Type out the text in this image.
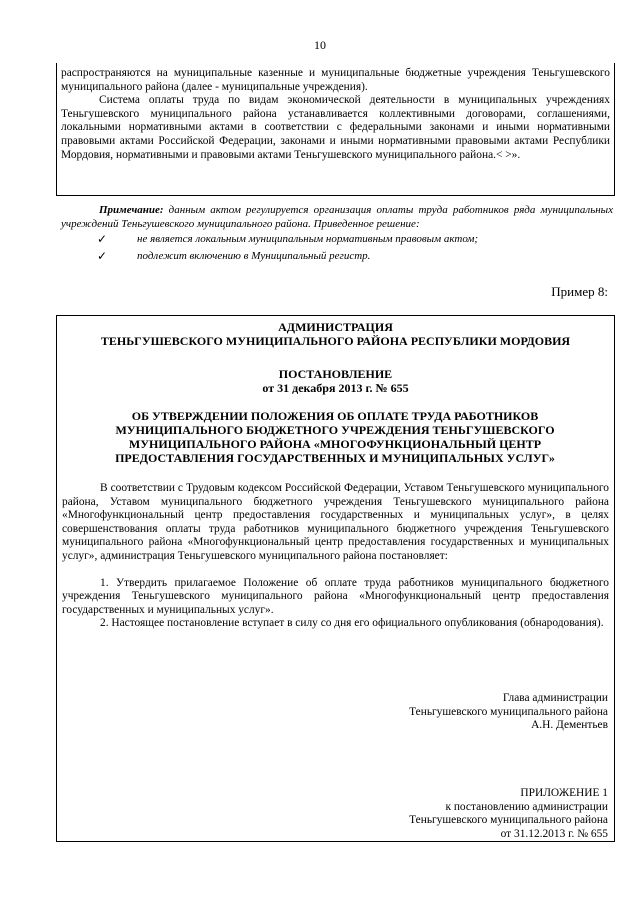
10

распространяются на муниципальные казенные и муниципальные бюджетные учреждения Теньгушевского муниципального района (далее - муниципальные учреждения).

Система оплаты труда по видам экономической деятельности в муниципальных учреждениях Теньгушевского муниципального района устанавливается коллективными договорами, соглашениями, локальными нормативными актами в соответствии с федеральными законами и иными нормативными правовыми актами Российской Федерации, законами и иными нормативными правовыми актами Республики Мордовия, нормативными и правовыми актами Теньгушевского муниципального района.< >».

Примечание: данным актом регулируется организация оплаты труда работников ряда муниципальных учреждений Теньгушевского муниципального района. Приведенное решение:

✓	не является локальным муниципальным нормативным правовым актом;
✓	подлежит включению в Муниципальный регистр.
Пример 8:
АДМИНИСТРАЦИЯ
ТЕНЬГУШЕВСКОГО МУНИЦИПАЛЬНОГО РАЙОНА РЕСПУБЛИКИ МОРДОВИЯ
ПОСТАНОВЛЕНИЕ
от 31 декабря 2013 г. № 655
ОБ УТВЕРЖДЕНИИ ПОЛОЖЕНИЯ ОБ ОПЛАТЕ ТРУДА РАБОТНИКОВ МУНИЦИПАЛЬНОГО БЮДЖЕТНОГО УЧРЕЖДЕНИЯ ТЕНЬГУШЕВСКОГО МУНИЦИПАЛЬНОГО РАЙОНА «МНОГОФУНКЦИОНАЛЬНЫЙ ЦЕНТР ПРЕДОСТАВЛЕНИЯ ГОСУДАРСТВЕННЫХ И МУНИЦИПАЛЬНЫХ УСЛУГ»

В соответствии с Трудовым кодексом Российской Федерации, Уставом Теньгушевского муниципального района, Уставом муниципального бюджетного учреждения Теньгушевского муниципального района «Многофункциональный центр предоставления государственных и муниципальных услуг», в целях совершенствования оплаты труда работников муниципального бюджетного учреждения Теньгушевского муниципального района «Многофункциональный центр предоставления государственных и муниципальных услуг», администрация Теньгушевского муниципального района постановляет:

1. Утвердить прилагаемое Положение об оплате труда работников муниципального бюджетного учреждения Теньгушевского муниципального района «Многофункциональный центр предоставления государственных и муниципальных услуг».

2. Настоящее постановление вступает в силу со дня его официального опубликования (обнародования).

Глава администрации
Теньгушевского муниципального района
А.Н. Дементьев
ПРИЛОЖЕНИЕ 1
к постановлению администрации
Теньгушевского муниципального района
от 31.12.2013 г. № 655
